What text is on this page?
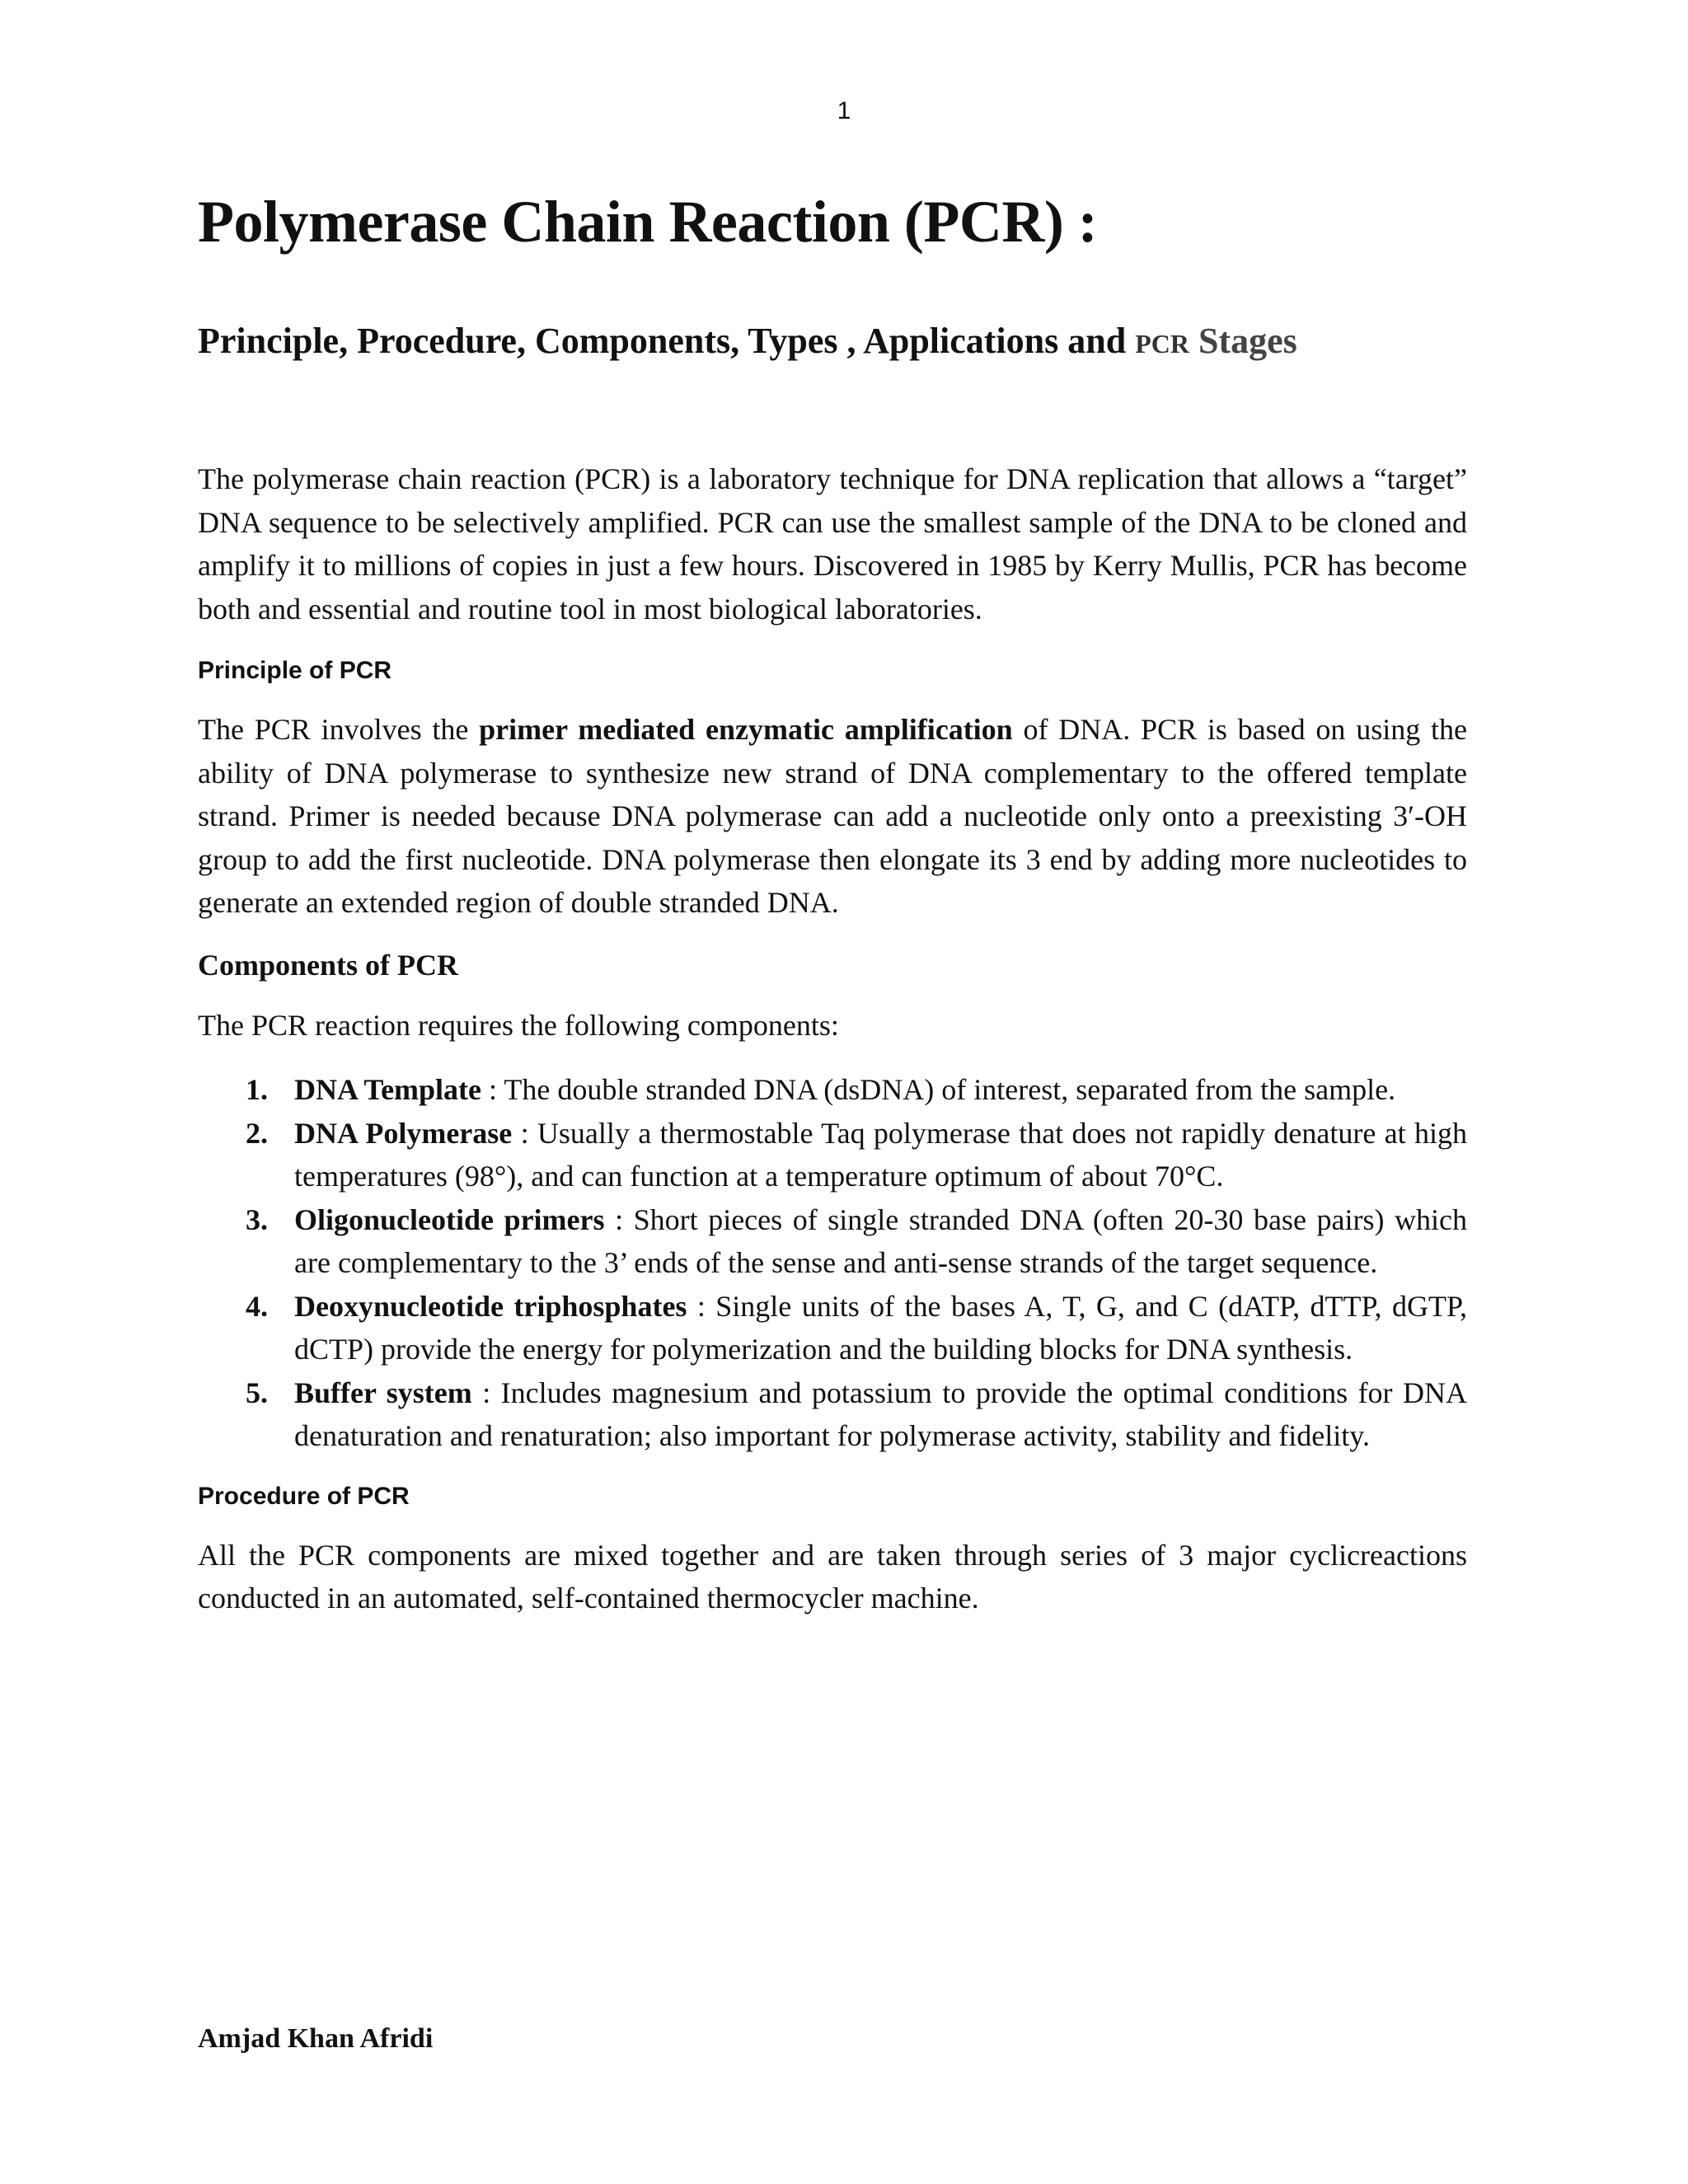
1
Polymerase Chain Reaction (PCR) :
Principle, Procedure, Components, Types , Applications and PCR Stages

The polymerase chain reaction (PCR) is a laboratory technique for DNA replication that allows a “target” DNA sequence to be selectively amplified. PCR can use the smallest sample of the DNA to be cloned and amplify it to millions of copies in just a few hours. Discovered in 1985 by Kerry Mullis, PCR has become both and essential and routine tool in most biological laboratories.

Principle of PCR

The PCR involves the primer mediated enzymatic amplification of DNA. PCR is based on using the ability of DNA polymerase to synthesize new strand of DNA complementary to the offered template strand. Primer is needed because DNA polymerase can add a nucleotide only onto a preexisting 3′-OH group to add the first nucleotide. DNA polymerase then elongate its 3 end by adding more nucleotides to generate an extended region of double stranded DNA.

Components of PCR

The PCR reaction requires the following components:

1. DNA Template : The double stranded DNA (dsDNA) of interest, separated from the sample.
2. DNA Polymerase : Usually a thermostable Taq polymerase that does not rapidly denature at high temperatures (98°), and can function at a temperature optimum of about 70°C.
3. Oligonucleotide primers : Short pieces of single stranded DNA (often 20-30 base pairs) which are complementary to the 3’ ends of the sense and anti-sense strands of the target sequence.
4. Deoxynucleotide triphosphates : Single units of the bases A, T, G, and C (dATP, dTTP, dGTP, dCTP) provide the energy for polymerization and the building blocks for DNA synthesis.
5. Buffer system : Includes magnesium and potassium to provide the optimal conditions for DNA denaturation and renaturation; also important for polymerase activity, stability and fidelity.
Procedure of PCR

All the PCR components are mixed together and are taken through series of 3 major cyclicreactions conducted in an automated, self-contained thermocycler machine.

Amjad Khan Afridi
